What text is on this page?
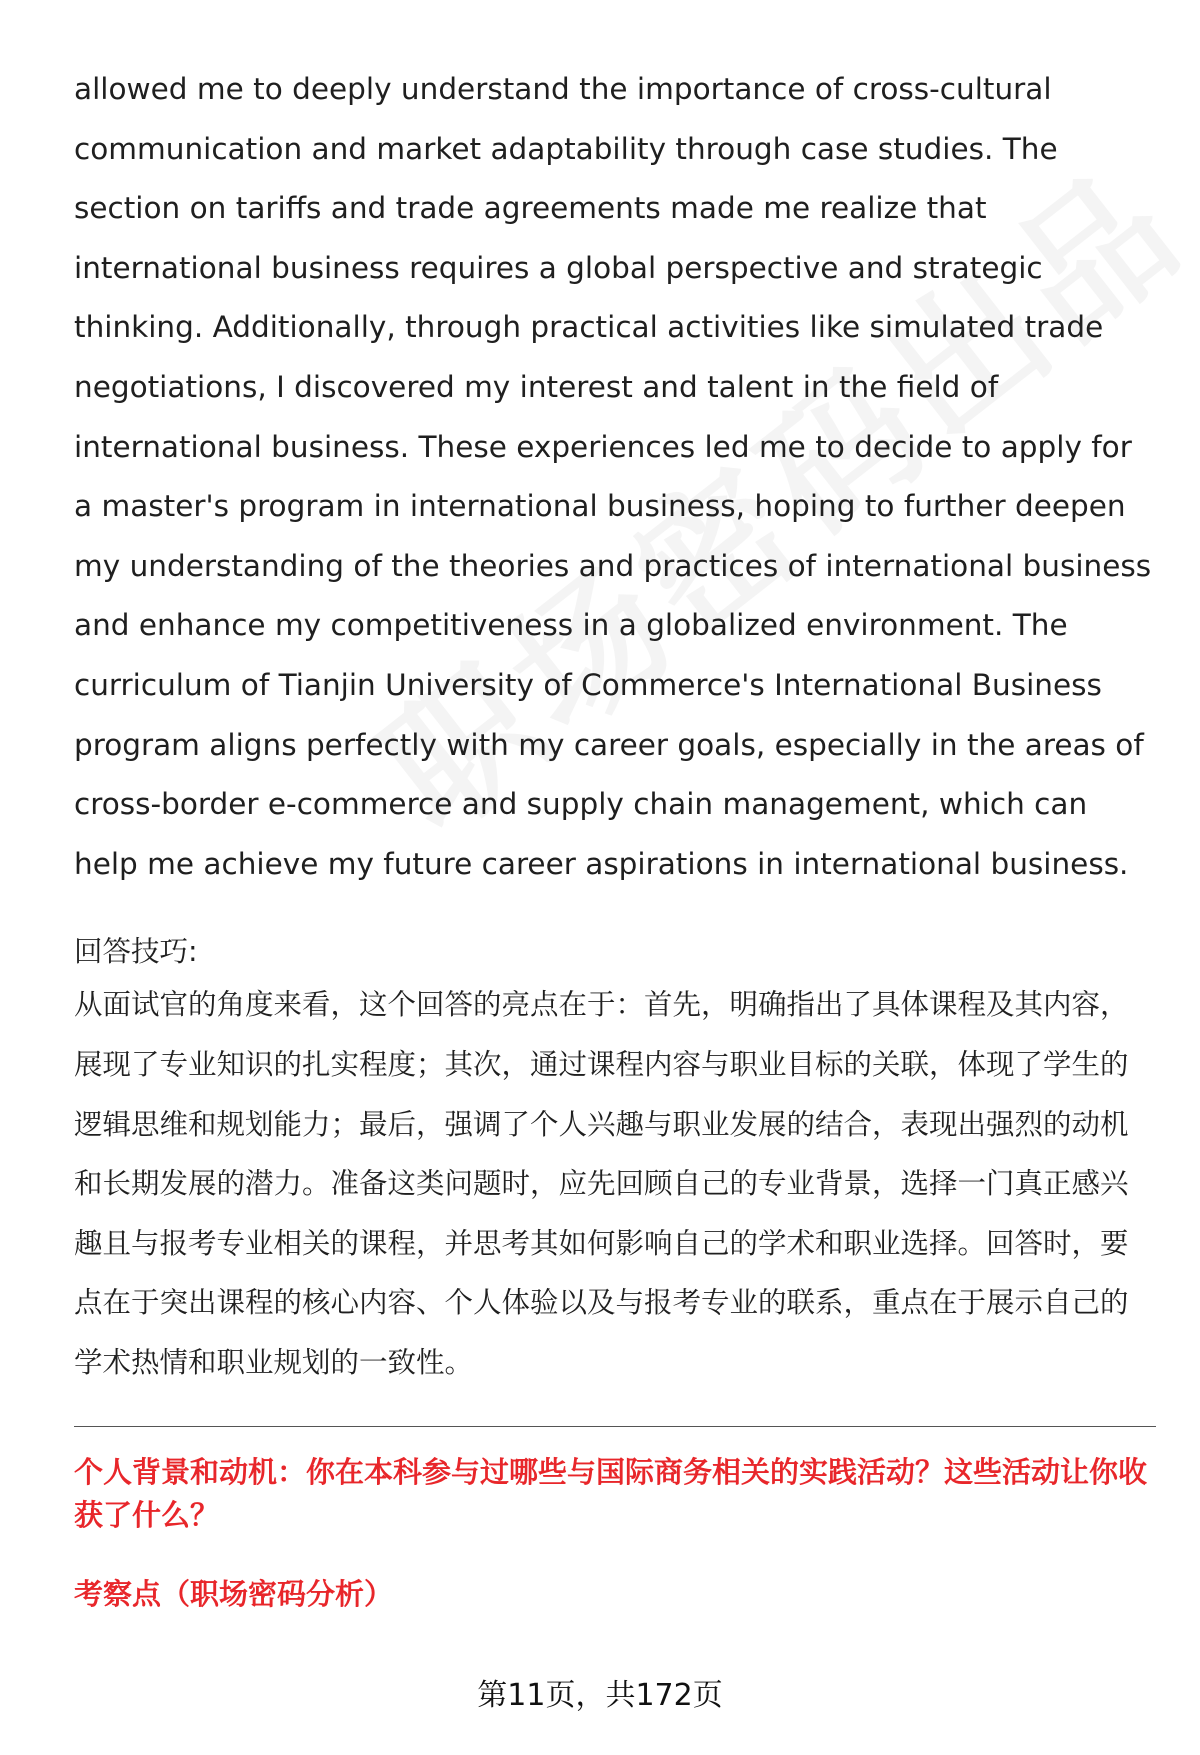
allowed me to deeply understand the importance of cross-cultural communication and market adaptability through case studies. The section on tariffs and trade agreements made me realize that international business requires a global perspective and strategic thinking. Additionally, through practical activities like simulated trade negotiations, I discovered my interest and talent in the field of international business. These experiences led me to decide to apply for a master's program in international business, hoping to further deepen my understanding of the theories and practices of international business and enhance my competitiveness in a globalized environment. The curriculum of Tianjin University of Commerce's International Business program aligns perfectly with my career goals, especially in the areas of cross-border e-commerce and supply chain management, which can help me achieve my future career aspirations in international business.

回答技巧:

从面试官的角度来看，这个回答的亮点在于：首先，明确指出了具体课程及其内容，展现了专业知识的扎实程度；其次，通过课程内容与职业目标的关联，体现了学生的逻辑思维和规划能力；最后，强调了个人兴趣与职业发展的结合，表现出强烈的动机和长期发展的潜力。准备这类问题时，应先回顾自己的专业背景，选择一门真正感兴趣且与报考专业相关的课程，并思考其如何影响自己的学术和职业选择。回答时，要点在于突出课程的核心内容、个人体验以及与报考专业的联系，重点在于展示自己的学术热情和职业规划的一致性。

个人背景和动机：你在本科参与过哪些与国际商务相关的实践活动？这些活动让你收获了什么？
考察点（职场密码分析）
第11页，共172页
